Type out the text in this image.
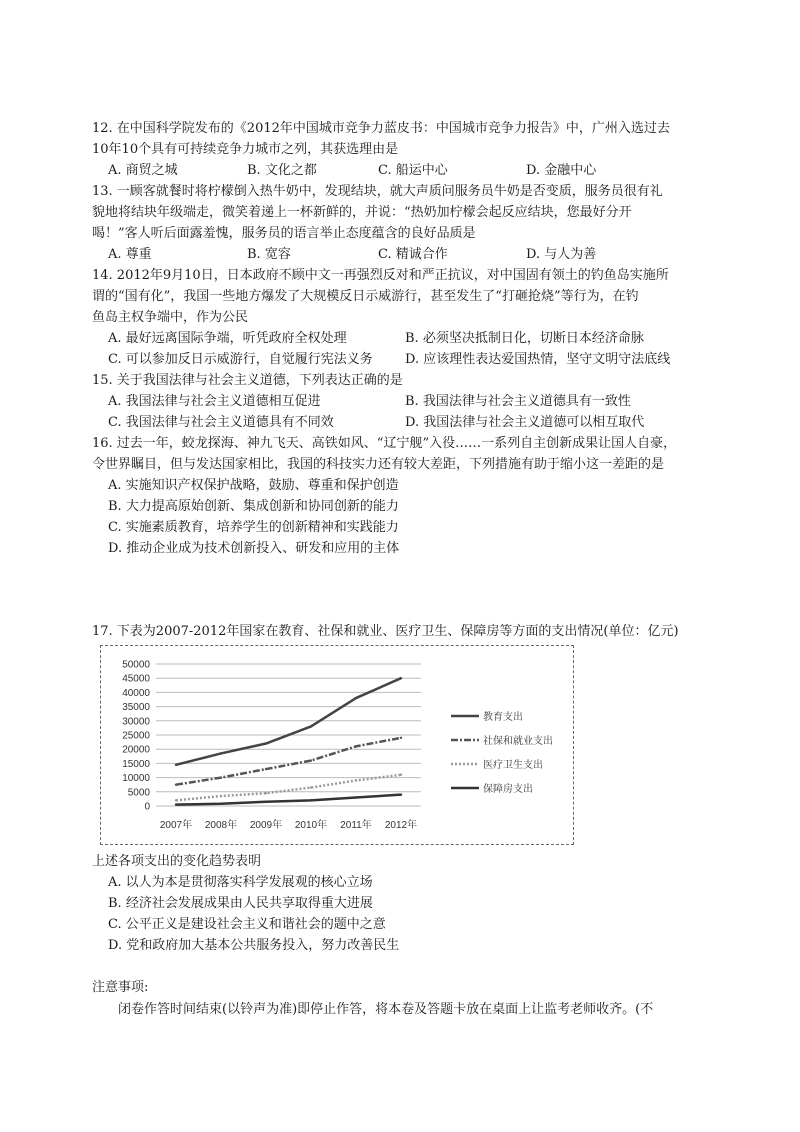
12. 在中国科学院发布的《2012年中国城市竞争力蓝皮书：中国城市竞争力报告》中，广州入选过去
10年10个具有可持续竞争力城市之列，其获选理由是
A. 商贸之城	B. 文化之都	C. 船运中心	D. 金融中心
13. 一顾客就餐时将柠檬倒入热牛奶中，发现结块，就大声质问服务员牛奶是否变质，服务员很有礼
貌地将结块年级端走，微笑着递上一杯新鲜的，并说：“热奶加柠檬会起反应结块，您最好分开
喝！”客人听后面露羞愧，服务员的语言举止态度蕴含的良好品质是
A. 尊重	B. 宽容	C. 精诚合作	D. 与人为善
14. 2012年9月10日，日本政府不顾中文一再强烈反对和严正抗议，对中国固有领土的钓鱼岛实施所
谓的“国有化”，我国一些地方爆发了大规模反日示威游行，甚至发生了“打砸抢烧”等行为，在钓
鱼岛主权争端中，作为公民
A. 最好远离国际争端，听凭政府全权处理	B. 必须坚决抵制日化，切断日本经济命脉
C. 可以参加反日示威游行，自觉履行宪法义务 D. 应该理性表达爱国热情，坚守文明守法底线
15. 关于我国法律与社会主义道德，下列表达正确的是
A. 我国法律与社会主义道德相互促进	B. 我国法律与社会主义道德具有一致性
C. 我国法律与社会主义道德具有不同效	D. 我国法律与社会主义道德可以相互取代
16. 过去一年，蛟龙探海、神九飞天、高铁如风、“辽宁舰”入役……一系列自主创新成果让国人自豪，
令世界瞩目，但与发达国家相比，我国的科技实力还有较大差距，下列措施有助于缩小这一差距的是
A. 实施知识产权保护战略，鼓励、尊重和保护创造
B. 大力提高原始创新、集成创新和协同创新的能力
C. 实施素质教育，培养学生的创新精神和实践能力
D. 推动企业成为技术创新投入、研发和应用的主体
17. 下表为2007-2012年国家在教育、社保和就业、医疗卫生、保障房等方面的支出情况(单位：亿元)
0
5000
10000
15000
20000
25000
30000
35000
40000
45000
50000
2007年 2008年 2009年 2010年 2011年 2012年
教育支出
社保和就业支出
医疗卫生支出
保障房支出
上述各项支出的变化趋势表明
A. 以人为本是贯彻落实科学发展观的核心立场
B. 经济社会发展成果由人民共享取得重大进展
C. 公平正义是建设社会主义和谐社会的题中之意
D. 党和政府加大基本公共服务投入，努力改善民生
注意事项:
闭卷作答时间结束(以铃声为准)即停止作答，将本卷及答题卡放在桌面上让监考老师收齐。(不
